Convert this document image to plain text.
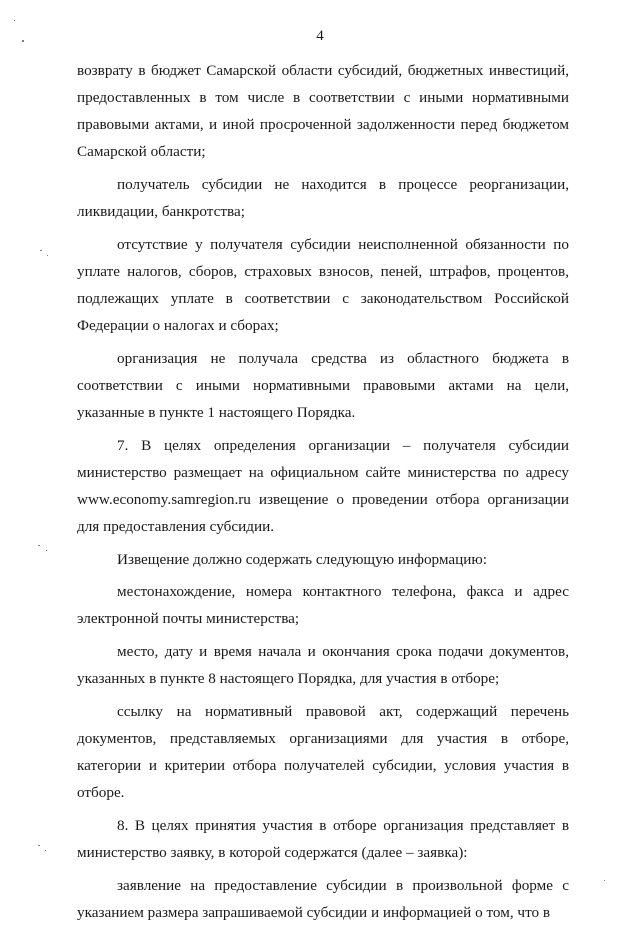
4

возврату в бюджет Самарской области субсидий, бюджетных инвестиций, предоставленных в том числе в соответствии с иными нормативными правовыми актами, и иной просроченной задолженности перед бюджетом Самарской области;

получатель субсидии не находится в процессе реорганизации, ликвидации, банкротства;

отсутствие у получателя субсидии неисполненной обязанности по уплате налогов, сборов, страховых взносов, пеней, штрафов, процентов, подлежащих уплате в соответствии с законодательством Российской Федерации о налогах и сборах;

организация не получала средства из областного бюджета в соответствии с иными нормативными правовыми актами на цели, указанные в пункте 1 настоящего Порядка.

7. В целях определения организации – получателя субсидии министерство размещает на официальном сайте министерства по адресу www.economy.samregion.ru извещение о проведении отбора организации для предоставления субсидии.

Извещение должно содержать следующую информацию:

местонахождение, номера контактного телефона, факса и адрес электронной почты министерства;

место, дату и время начала и окончания срока подачи документов, указанных в пункте 8 настоящего Порядка, для участия в отборе;

ссылку на нормативный правовой акт, содержащий перечень документов, представляемых организациями для участия в отборе, категории и критерии отбора получателей субсидии, условия участия в отборе.

8. В целях принятия участия в отборе организация представляет в министерство заявку, в которой содержатся (далее – заявка):

заявление на предоставление субсидии в произвольной форме с указанием размера запрашиваемой субсидии и информацией о том, что в
